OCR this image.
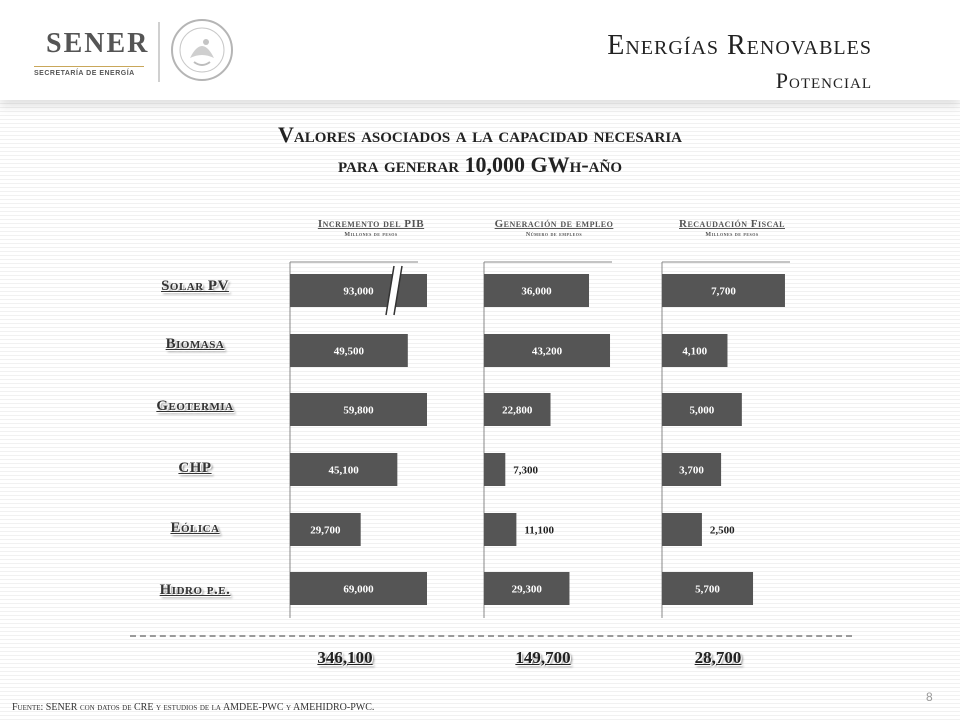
SENER
SECRETARÍA DE ENERGÍA
Energías Renovables
Potencial
Valores asociados a la capacidad necesaria
para generar 10,000 GWh-año
Incremento del PIB
Millones de pesos
Generación de empleo
Número de empleos
Recaudación Fiscal
Millones de pesos
Solar PV
Biomasa
Geotermia
CHP
Eólica
Hidro p.e.
93,000
49,500
59,800
45,100
29,700
69,000
36,000
43,200
22,800
7,300
11,100
29,300
7,700
4,100
5,000
3,700
2,500
5,700
346,100	149,700	28,700
Fuente: SENER con datos de CRE y estudios de la AMDEE-PWC y AMEHIDRO-PWC.
8
